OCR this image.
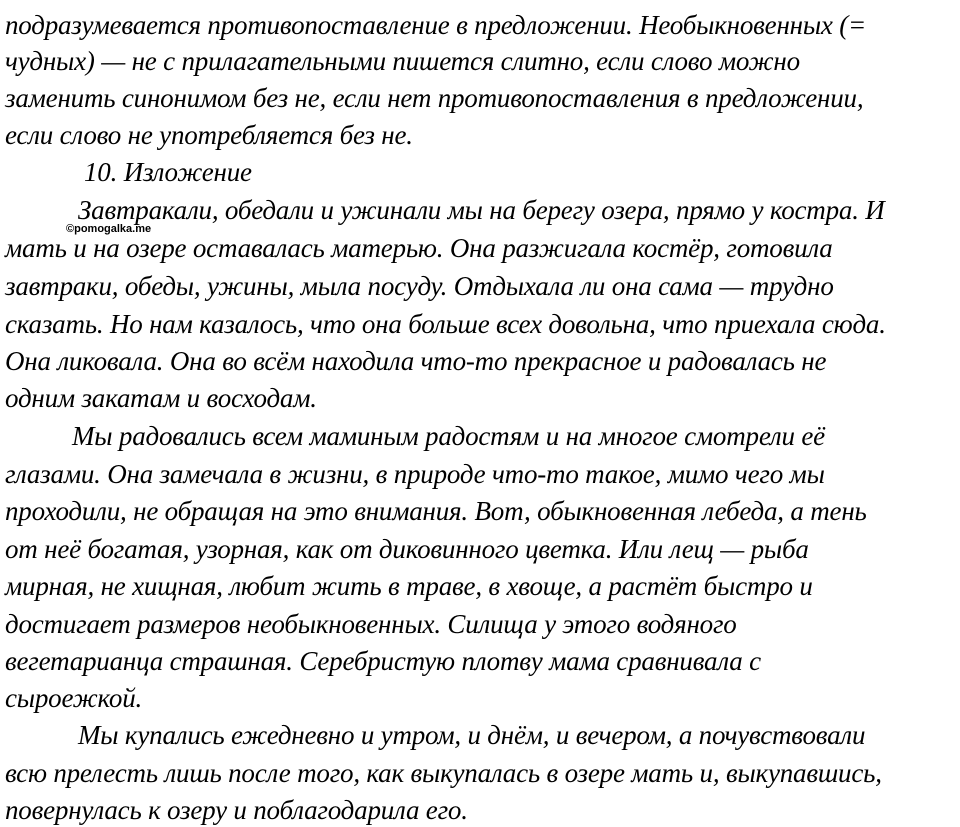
подразумевается противопоставление в предложении. Необыкновенных (=
чудных) — не с прилагательными пишется слитно, если слово можно
заменить синонимом без не, если нет противопоставления в предложении,
если слово не употребляется без не.
10. Изложение
Завтракали, обедали и ужинали мы на берегу озера, прямо у костра. И
©pomogalka.me
мать и на озере оставалась матерью. Она разжигала костёр, готовила
завтраки, обеды, ужины, мыла посуду. Отдыхала ли она сама — трудно
сказать. Но нам казалось, что она больше всех довольна, что приехала сюда.
Она ликовала. Она во всём находила что-то прекрасное и радовалась не
одним закатам и восходам.
Мы радовались всем маминым радостям и на многое смотрели её
глазами. Она замечала в жизни, в природе что-то такое, мимо чего мы
проходили, не обращая на это внимания. Вот, обыкновенная лебеда, а тень
от неё богатая, узорная, как от диковинного цветка. Или лещ — рыба
мирная, не хищная, любит жить в траве, в хвоще, а растёт быстро и
достигает размеров необыкновенных. Силища у этого водяного
вегетарианца страшная. Серебристую плотву мама сравнивала с
сыроежкой.
Мы купались ежедневно и утром, и днём, и вечером, а почувствовали
всю прелесть лишь после того, как выкупалась в озере мать и, выкупавшись,
повернулась к озеру и поблагодарила его.
